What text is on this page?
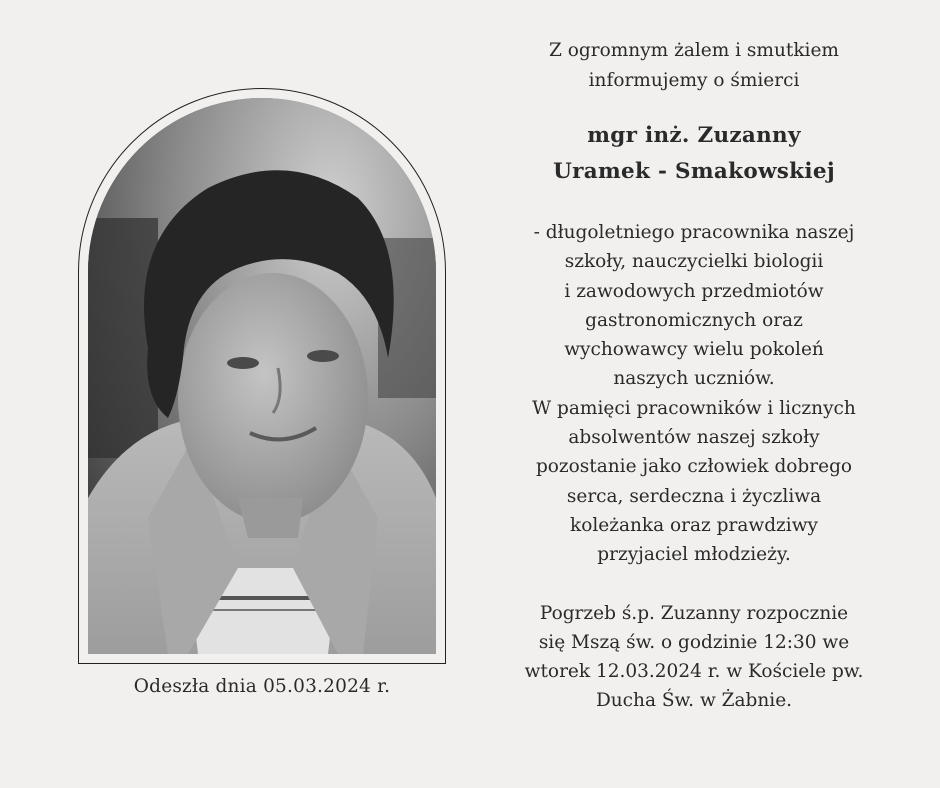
Odeszła dnia 05.03.2024 r.

Z ogromnym żalem i smutkiem
informujemy o śmierci

mgr inż. Zuzanny
Uramek - Smakowskiej

- długoletniego pracownika naszej
szkoły, nauczycielki biologii
i zawodowych przedmiotów
gastronomicznych oraz
wychowawcy wielu pokoleń
naszych uczniów.
W pamięci pracowników i licznych
absolwentów naszej szkoły
pozostanie jako człowiek dobrego
serca, serdeczna i życzliwa
koleżanka oraz prawdziwy
przyjaciel młodzieży.

Pogrzeb ś.p. Zuzanny rozpocznie
się Mszą św. o godzinie 12:30 we
wtorek 12.03.2024 r. w Kościele pw.
Ducha Św. w Żabnie.
